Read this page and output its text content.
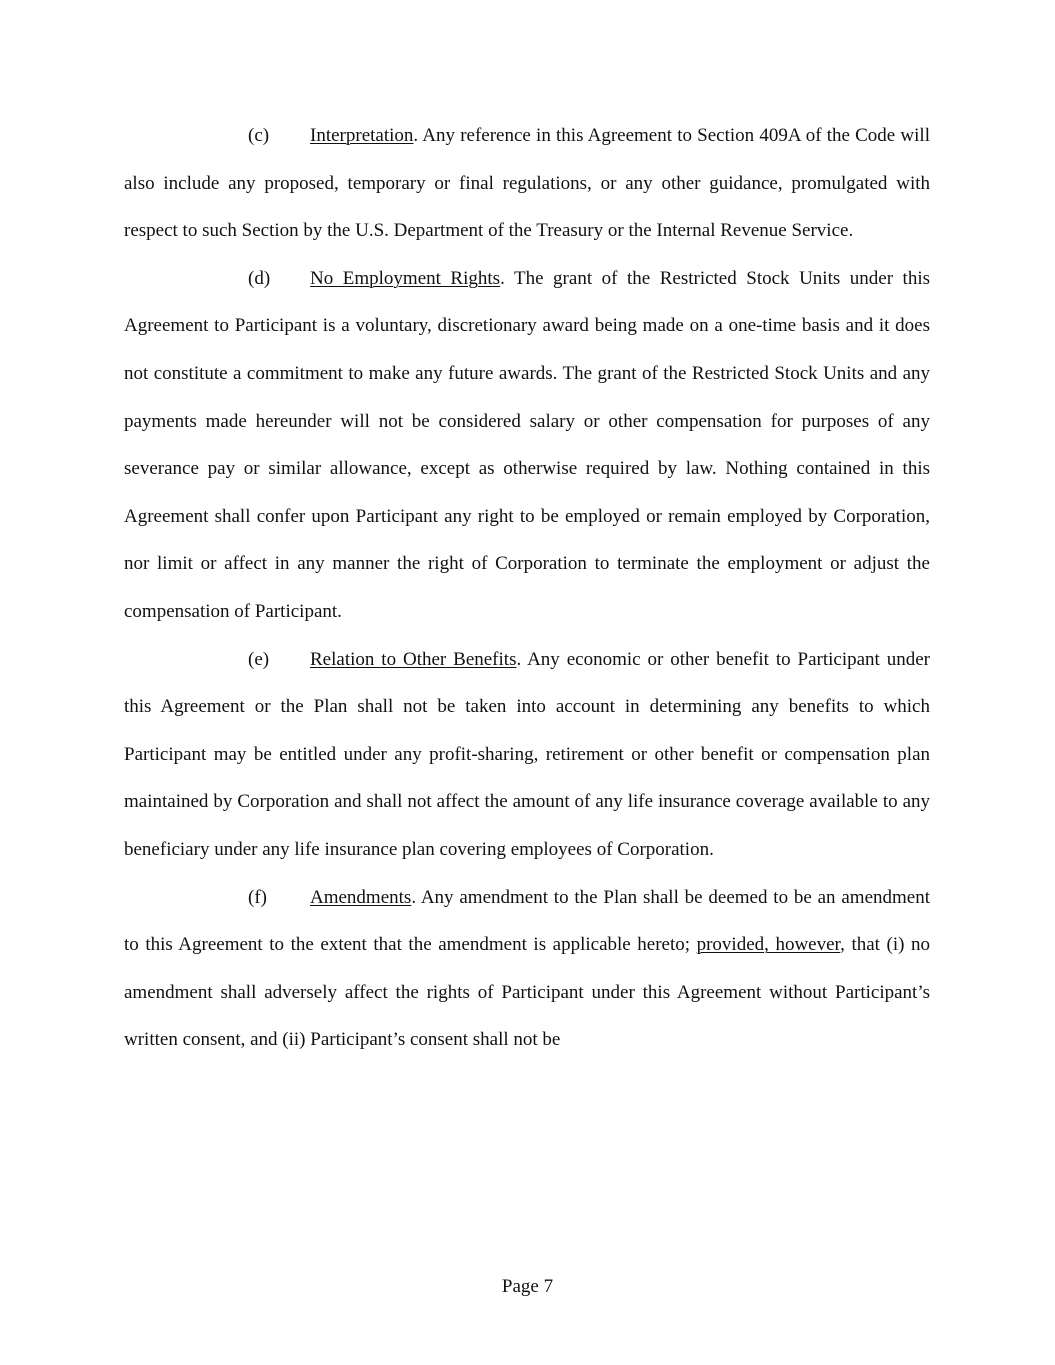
(c) Interpretation. Any reference in this Agreement to Section 409A of the Code will also include any proposed, temporary or final regulations, or any other guidance, promulgated with respect to such Section by the U.S. Department of the Treasury or the Internal Revenue Service.

(d) No Employment Rights. The grant of the Restricted Stock Units under this Agreement to Participant is a voluntary, discretionary award being made on a one-time basis and it does not constitute a commitment to make any future awards. The grant of the Restricted Stock Units and any payments made hereunder will not be considered salary or other compensation for purposes of any severance pay or similar allowance, except as otherwise required by law. Nothing contained in this Agreement shall confer upon Participant any right to be employed or remain employed by Corporation, nor limit or affect in any manner the right of Corporation to terminate the employment or adjust the compensation of Participant.

(e) Relation to Other Benefits. Any economic or other benefit to Participant under this Agreement or the Plan shall not be taken into account in determining any benefits to which Participant may be entitled under any profit-sharing, retirement or other benefit or compensation plan maintained by Corporation and shall not affect the amount of any life insurance coverage available to any beneficiary under any life insurance plan covering employees of Corporation.

(f) Amendments. Any amendment to the Plan shall be deemed to be an amendment to this Agreement to the extent that the amendment is applicable hereto; provided, however, that (i) no amendment shall adversely affect the rights of Participant under this Agreement without Participant’s written consent, and (ii) Participant’s consent shall not be

Page 7
